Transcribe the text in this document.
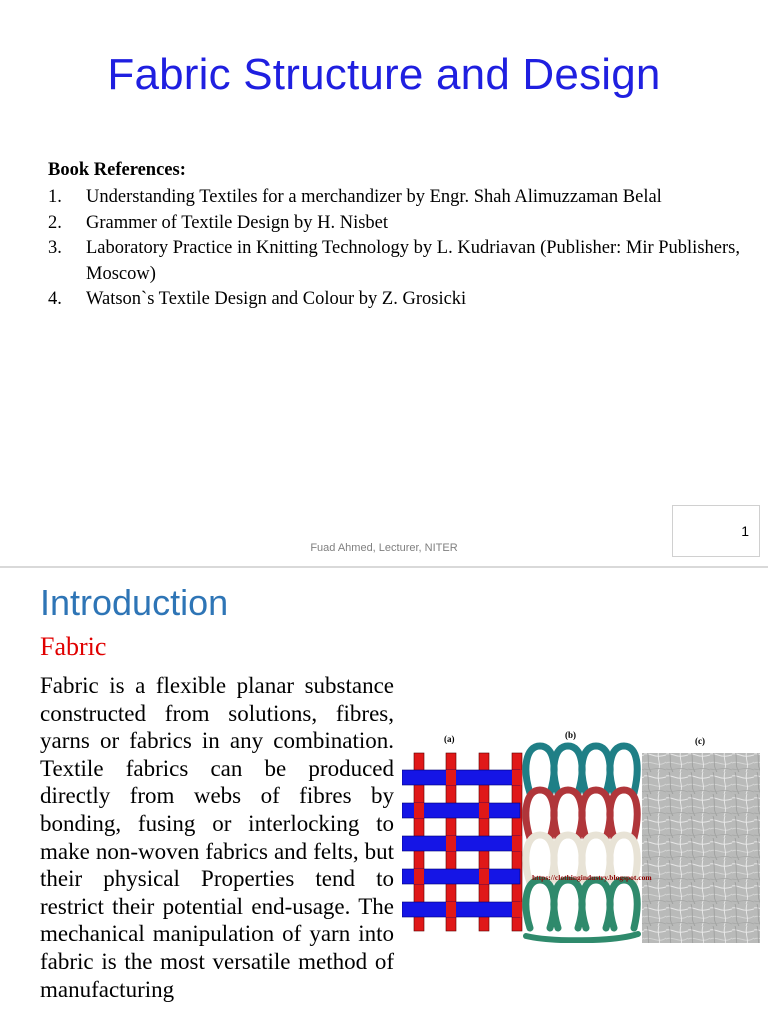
Fabric Structure and Design
Book References:
1. Understanding Textiles for a merchandizer by Engr. Shah Alimuzzaman Belal
2. Grammer of Textile Design by H. Nisbet
3. Laboratory Practice in Knitting Technology by L. Kudriavan (Publisher: Mir Publishers, Moscow)
4. Watson`s Textile Design and Colour by Z. Grosicki
Fuad Ahmed, Lecturer, NITER
1
Introduction
Fabric

Fabric is a flexible planar substance constructed from solutions, fibres, yarns or fabrics in any combination. Textile fabrics can be produced directly from webs of fibres by bonding, fusing or interlocking to make non-woven fabrics and felts, but their physical Properties tend to restrict their potential end-usage. The mechanical manipulation of yarn into fabric is the most versatile method of manufacturing

(a)	(b)
(c)
https://clothingindustry.blogspot.com
